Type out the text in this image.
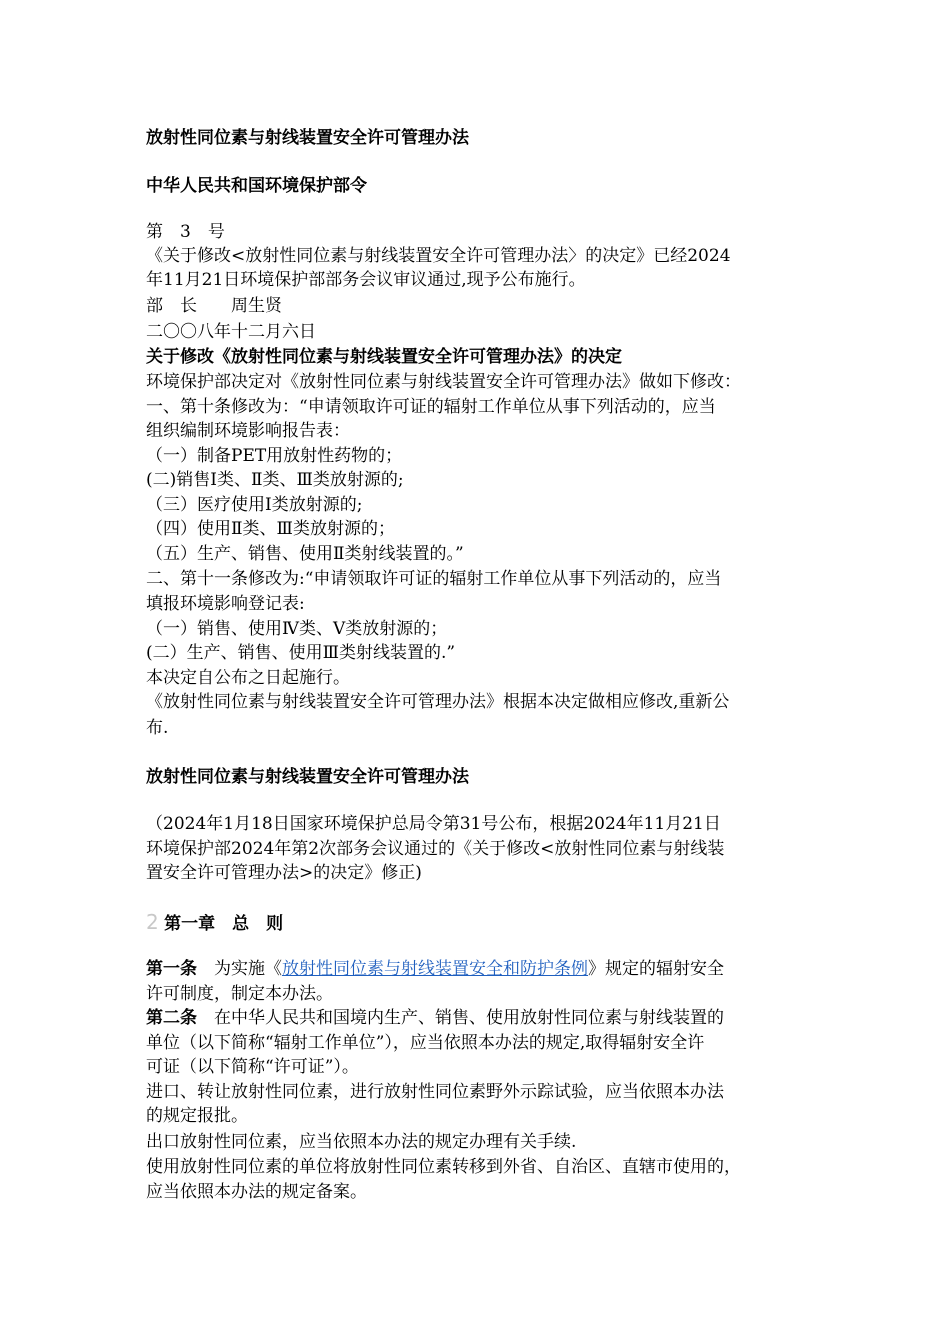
放射性同位素与射线装置安全许可管理办法
中华人民共和国环境保护部令
第　3　号
《关于修改<放射性同位素与射线装置安全许可管理办法〉的决定》已经2024
年11月21日环境保护部部务会议审议通过,现予公布施行。
部　长　　周生贤
二〇〇八年十二月六日
关于修改《放射性同位素与射线装置安全许可管理办法》的决定
环境保护部决定对《放射性同位素与射线装置安全许可管理办法》做如下修改：
一、第十条修改为：“申请领取许可证的辐射工作单位从事下列活动的，应当
组织编制环境影响报告表：
（一）制备PET用放射性药物的；
(二)销售Ⅰ类、Ⅱ类、Ⅲ类放射源的;
（三）医疗使用Ⅰ类放射源的;
（四）使用Ⅱ类、Ⅲ类放射源的；
（五）生产、销售、使用Ⅱ类射线装置的。”
二、第十一条修改为:“申请领取许可证的辐射工作单位从事下列活动的，应当
填报环境影响登记表:
（一）销售、使用Ⅳ类、Ⅴ类放射源的；
(二）生产、销售、使用Ⅲ类射线装置的.”
本决定自公布之日起施行。
《放射性同位素与射线装置安全许可管理办法》根据本决定做相应修改,重新公
布.
放射性同位素与射线装置安全许可管理办法
（2024年1月18日国家环境保护总局令第31号公布，根据2024年11月21日
环境保护部2024年第2次部务会议通过的《关于修改<放射性同位素与射线装
置安全许可管理办法>的决定》修正)
2 第一章　总　则
第一条　为实施《放射性同位素与射线装置安全和防护条例》规定的辐射安全
许可制度，制定本办法。
第二条　在中华人民共和国境内生产、销售、使用放射性同位素与射线装置的
单位（以下简称“辐射工作单位”），应当依照本办法的规定,取得辐射安全许
可证（以下简称“许可证”）。
进口、转让放射性同位素，进行放射性同位素野外示踪试验，应当依照本办法
的规定报批。
出口放射性同位素，应当依照本办法的规定办理有关手续.
使用放射性同位素的单位将放射性同位素转移到外省、自治区、直辖市使用的，
应当依照本办法的规定备案。
